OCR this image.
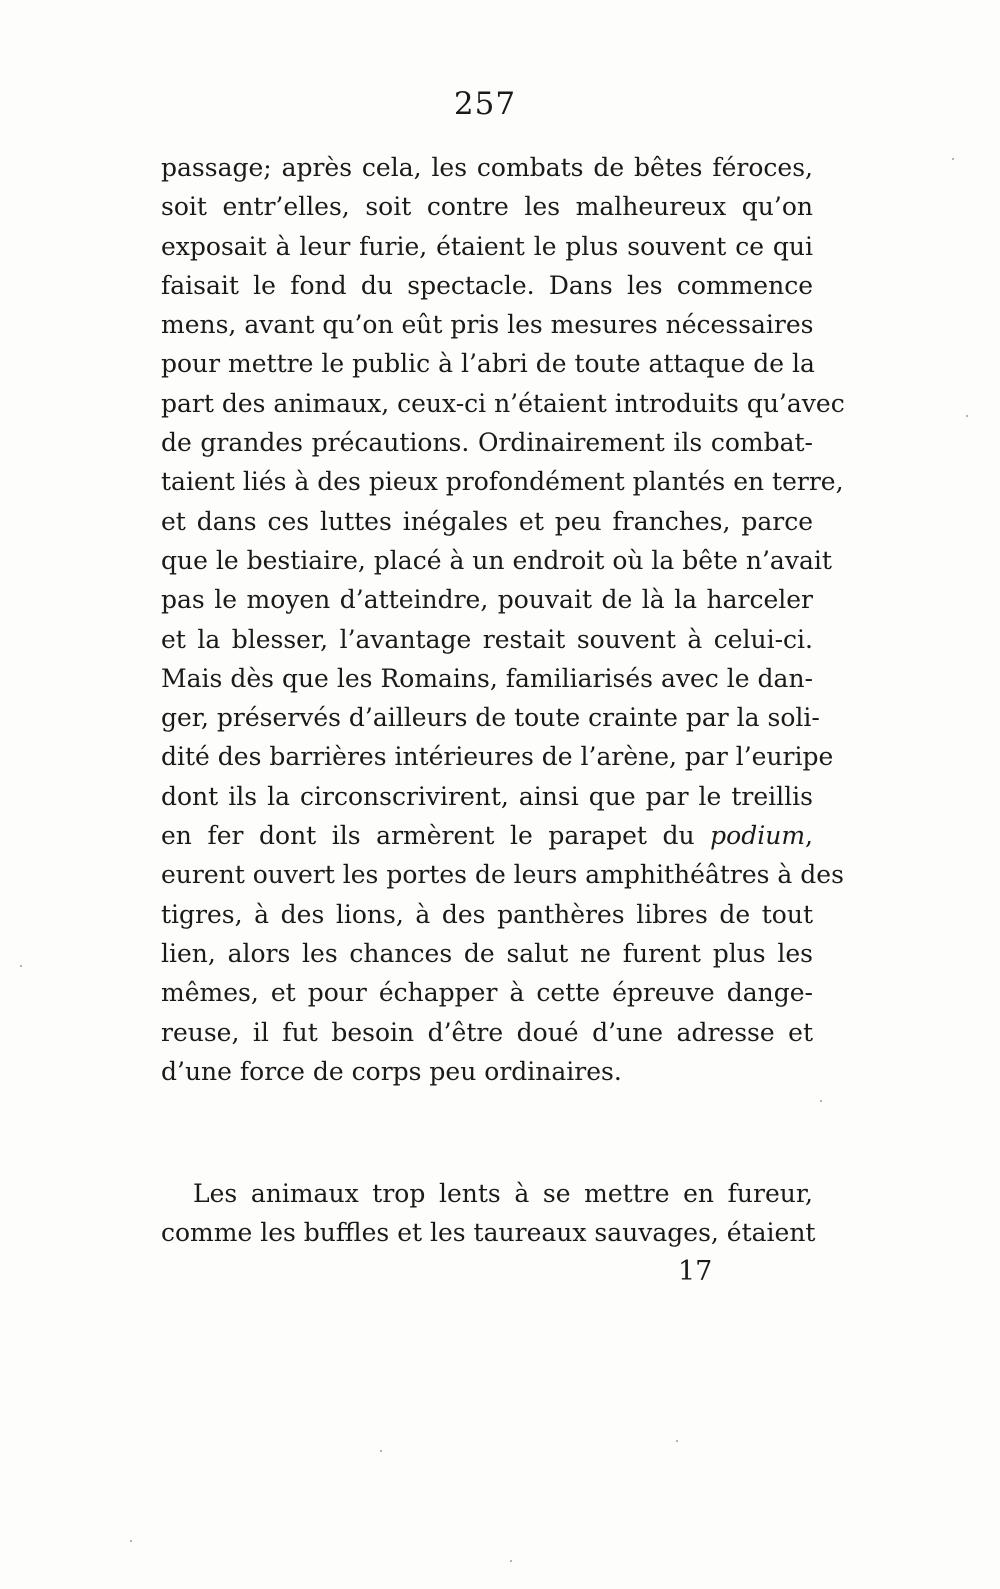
257
passage; après cela, les combats de bêtes féroces,
soit entr’elles, soit contre les malheureux qu’on
exposait à leur furie, étaient le plus souvent ce qui
faisait le fond du spectacle. Dans les commence
mens, avant qu’on eût pris les mesures nécessaires
pour mettre le public à l’abri de toute attaque de la
part des animaux, ceux-ci n’étaient introduits qu’avec
de grandes précautions. Ordinairement ils combat-
taient liés à des pieux profondément plantés en terre,
et dans ces luttes inégales et peu franches, parce
que le bestiaire, placé à un endroit où la bête n’avait
pas le moyen d’atteindre, pouvait de là la harceler
et la blesser, l’avantage restait souvent à celui-ci.
Mais dès que les Romains, familiarisés avec le dan-
ger, préservés d’ailleurs de toute crainte par la soli-
dité des barrières intérieures de l’arène, par l’euripe
dont ils la circonscrivirent, ainsi que par le treillis
en fer dont ils armèrent le parapet du podium,
eurent ouvert les portes de leurs amphithéâtres à des
tigres, à des lions, à des panthères libres de tout
lien, alors les chances de salut ne furent plus les
mêmes, et pour échapper à cette épreuve dange-
reuse, il fut besoin d’être doué d’une adresse et
d’une force de corps peu ordinaires.
Les animaux trop lents à se mettre en fureur,
comme les buffles et les taureaux sauvages, étaient
17
